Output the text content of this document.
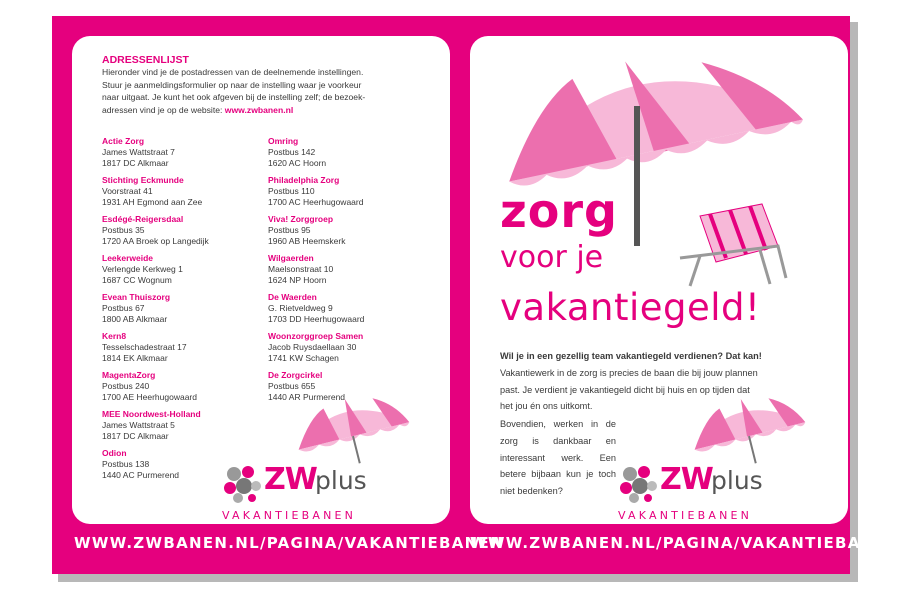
ADRESSENLIJST
Hieronder vind je de postadressen van de deelnemende instellingen.
Stuur je aanmeldingsformulier op naar de instelling waar je voorkeur
naar uitgaat. Je kunt het ook afgeven bij de instelling zelf; de bezoek-
adressen vind je op de website: www.zwbanen.nl
Actie Zorg
James Wattstraat 7
1817 DC Alkmaar
Stichting Eckmunde
Voorstraat 41
1931 AH Egmond aan Zee
Esdégé-Reigersdaal
Postbus 35
1720 AA Broek op Langedijk
Leekerweide
Verlengde Kerkweg 1
1687 CC Wognum
Evean Thuiszorg
Postbus 67
1800 AB Alkmaar
Kern8
Tesselschadestraat 17
1814 EK Alkmaar
MagentaZorg
Postbus 240
1700 AE Heerhugowaard
MEE Noordwest-Holland
James Wattstraat 5
1817 DC Alkmaar
Odion
Postbus 138
1440 AC Purmerend
Omring
Postbus 142
1620 AC Hoorn
Philadelphia Zorg
Postbus 110
1700 AC Heerhugowaard
Viva! Zorggroep
Postbus 95
1960 AB Heemskerk
Wilgaerden
Maelsonstraat 10
1624 NP Hoorn
De Waerden
G. Rietveldweg 9
1703 DD Heerhugowaard
Woonzorggroep Samen
Jacob Ruysdaellaan 30
1741 KW Schagen
De Zorgcirkel
Postbus 655
1440 AR Purmerend
ZW
plus
VAKANTIEBANEN
zorg
voor je
vakantiegeld!
Wil je in een gezellig team vakantiegeld verdienen? Dat kan!
Vakantiewerk in de zorg is precies de baan die bij jouw plannen
past. Je verdient je vakantiegeld dicht bij huis en op tijden dat
het jou én ons uitkomt.
Bovendien, werken in de zorg is dankbaar en interessant werk. Een betere bijbaan kun je toch niet bedenken?	ZW
plus
VAKANTIEBANEN
WWW.ZWBANEN.NL/PAGINA/VAKANTIEBANEN
WWW.ZWBANEN.NL/PAGINA/VAKANTIEBANEN
